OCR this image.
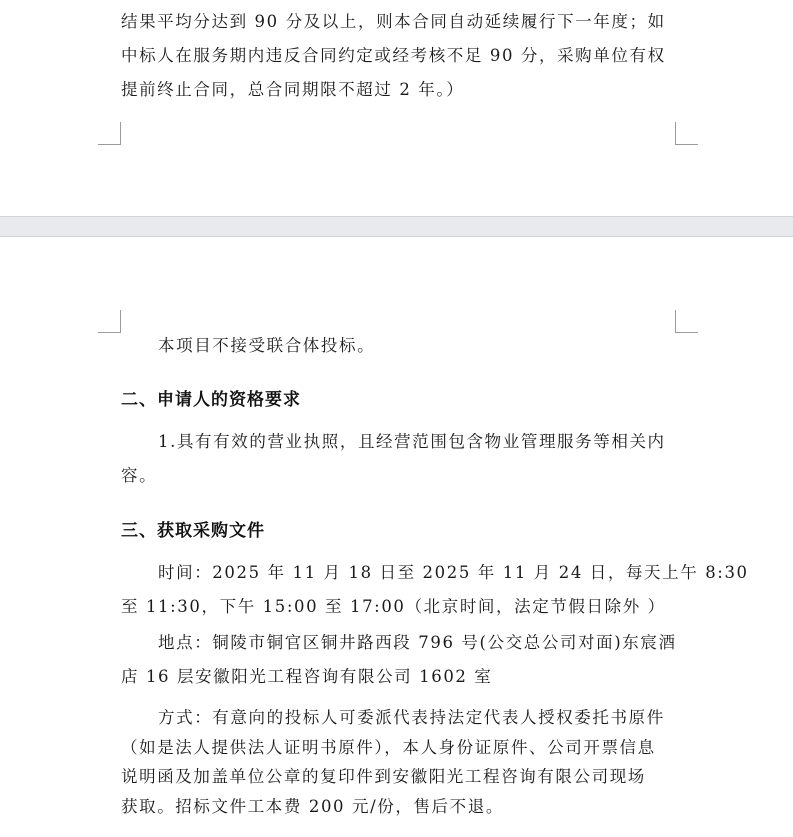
结果平均分达到 90 分及以上，则本合同自动延续履行下一年度；如
中标人在服务期内违反合同约定或经考核不足 90 分，采购单位有权
提前终止合同，总合同期限不超过 2 年。）
本项目不接受联合体投标。
二、申请人的资格要求
1.具有有效的营业执照，且经营范围包含物业管理服务等相关内
容。
三、获取采购文件
时间：2025 年 11 月 18 日至 2025 年 11 月 24 日，每天上午 8:30
至 11:30，下午 15:00 至 17:00（北京时间，法定节假日除外 ）
地点：铜陵市铜官区铜井路西段 796 号(公交总公司对面)东宸酒
店 16 层安徽阳光工程咨询有限公司 1602 室
方式：有意向的投标人可委派代表持法定代表人授权委托书原件
（如是法人提供法人证明书原件），本人身份证原件、公司开票信息
说明函及加盖单位公章的复印件到安徽阳光工程咨询有限公司现场
获取。招标文件工本费 200 元/份，售后不退。
